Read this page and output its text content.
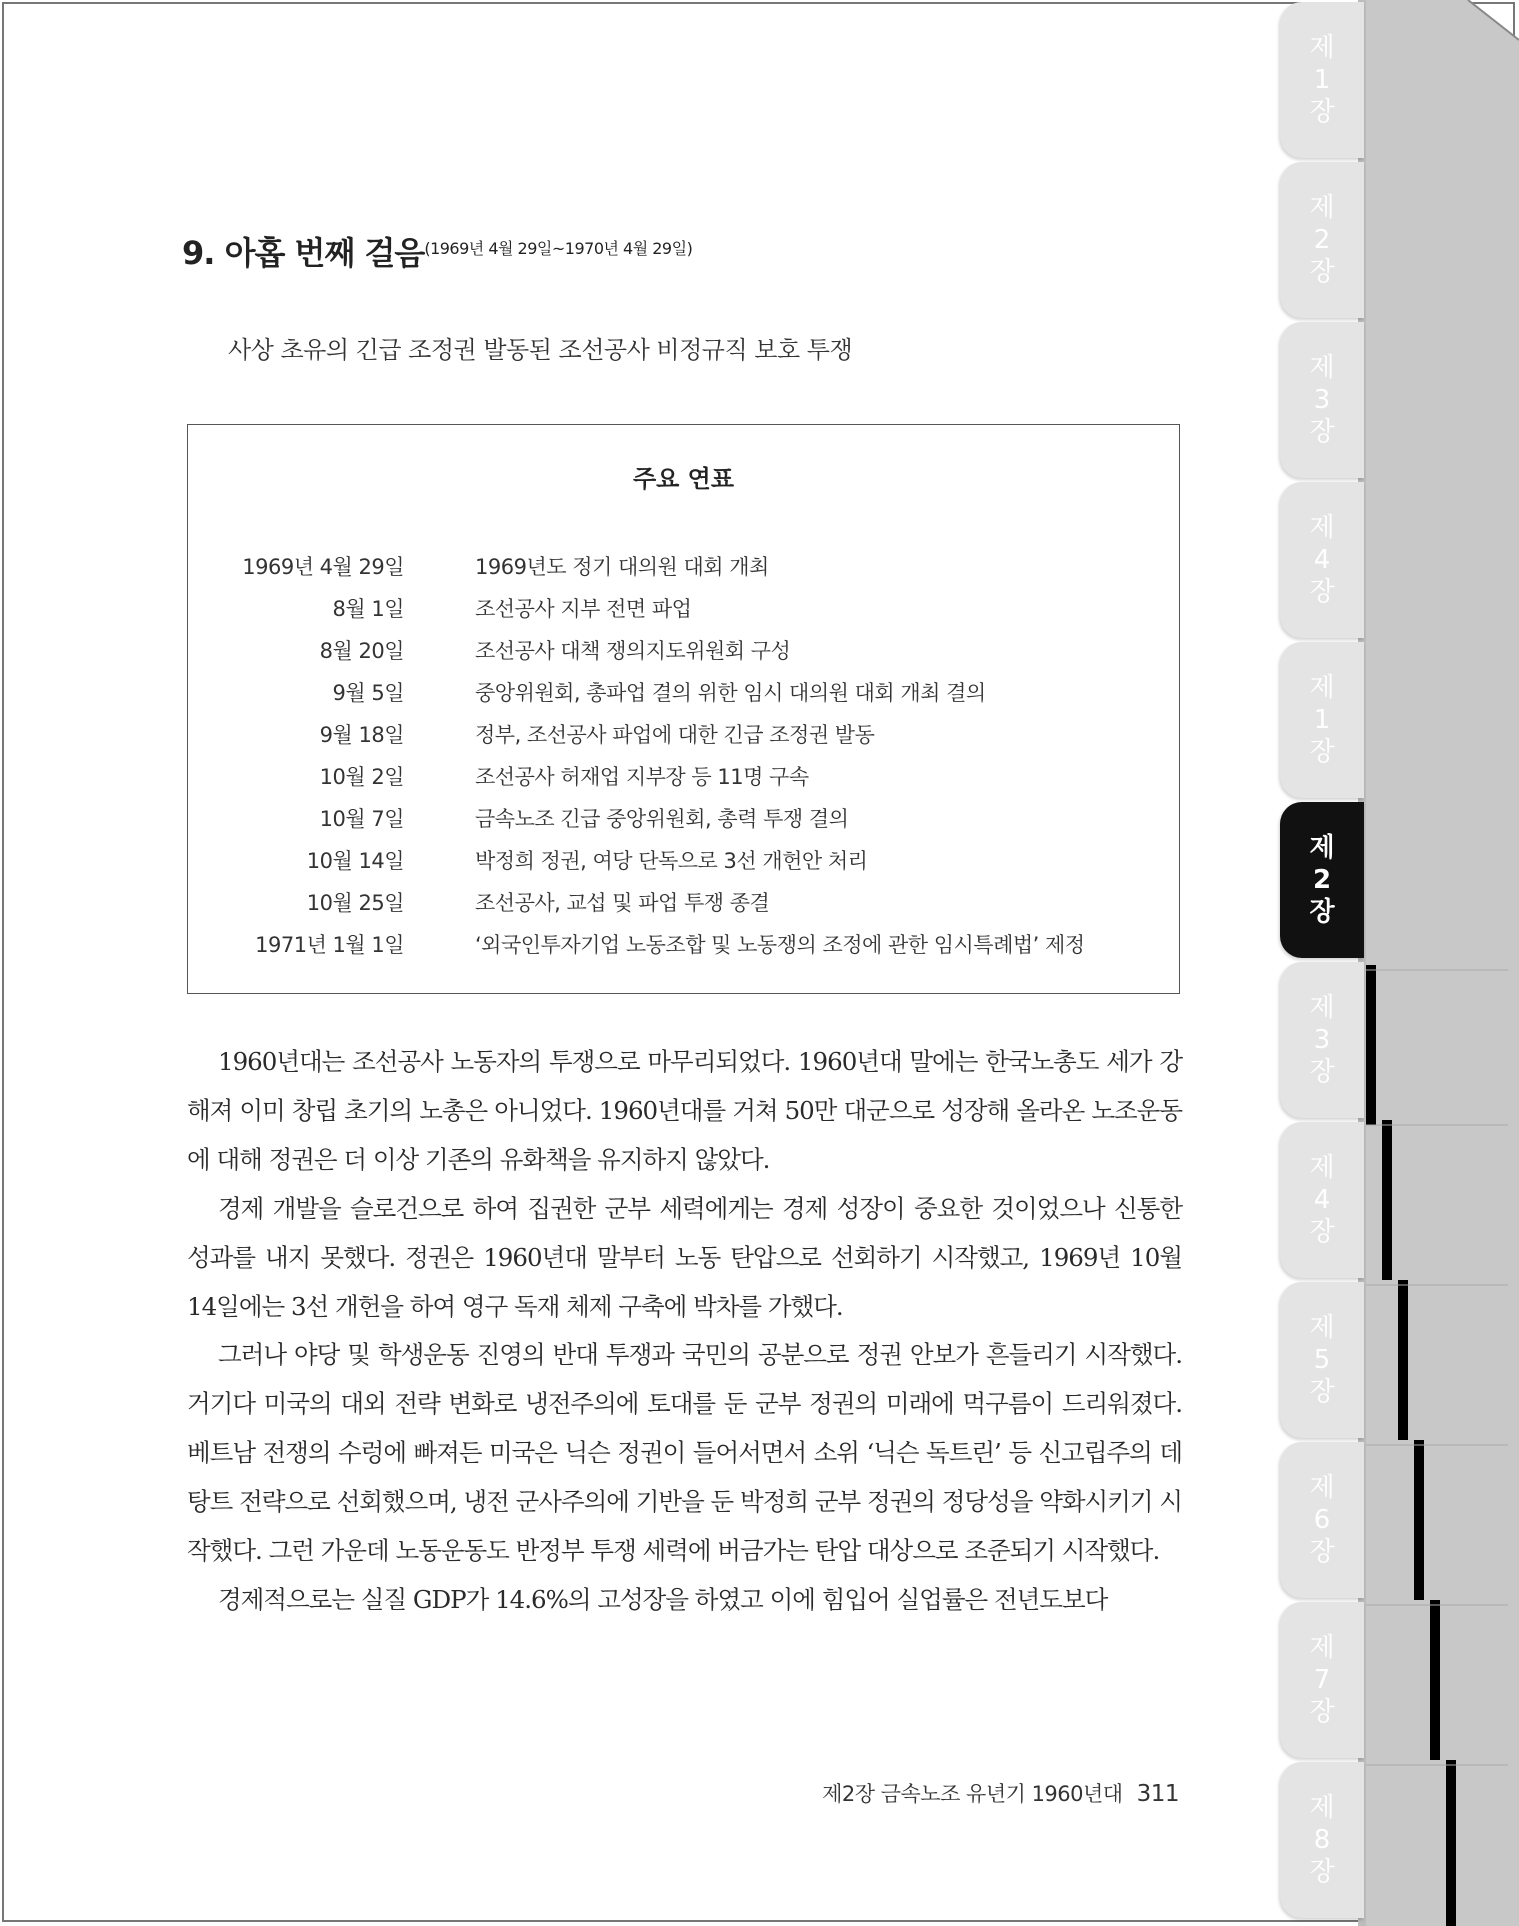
9. 아홉 번째 걸음$^{(1969년 4월 29일\sim 1970년 4월 29일)}$

사상 초유의 긴급 조정권 발동된 조선공사 비정규직 보호 투쟁

주요 연표
1969년 4월 29일	1969년도 정기 대의원 대회 개최
8월 1일	조선공사 지부 전면 파업
8월 20일	조선공사 대책 쟁의지도위원회 구성
9월 5일	중앙위원회, 총파업 결의 위한 임시 대의원 대회 개최 결의
9월 18일	정부, 조선공사 파업에 대한 긴급 조정권 발동
10월 2일	조선공사 허재업 지부장 등 11명 구속
10월 7일	금속노조 긴급 중앙위원회, 총력 투쟁 결의
10월 14일	박정희 정권, 여당 단독으로 3선 개헌안 처리
10월 25일	조선공사, 교섭 및 파업 투쟁 종결
1971년 1월 1일	‘외국인투자기업 노동조합 및 노동쟁의 조정에 관한 임시특례법’ 제정

1960년대는 조선공사 노동자의 투쟁으로 마무리되었다. 1960년대 말에는 한국노총도 세가 강해져 이미 창립 초기의 노총은 아니었다. 1960년대를 거쳐 50만 대군으로 성장해 올라온 노조운동에 대해 정권은 더 이상 기존의 유화책을 유지하지 않았다.

경제 개발을 슬로건으로 하여 집권한 군부 세력에게는 경제 성장이 중요한 것이었으나 신통한 성과를 내지 못했다. 정권은 1960년대 말부터 노동 탄압으로 선회하기 시작했고, 1969년 10월 14일에는 3선 개헌을 하여 영구 독재 체제 구축에 박차를 가했다.

그러나 야당 및 학생운동 진영의 반대 투쟁과 국민의 공분으로 정권 안보가 흔들리기 시작했다. 거기다 미국의 대외 전략 변화로 냉전주의에 토대를 둔 군부 정권의 미래에 먹구름이 드리워졌다. 베트남 전쟁의 수렁에 빠져든 미국은 닉슨 정권이 들어서면서 소위 ‘닉슨 독트린’ 등 신고립주의 데탕트 전략으로 선회했으며, 냉전 군사주의에 기반을 둔 박정희 군부 정권의 정당성을 약화시키기 시작했다. 그런 가운데 노동운동도 반정부 투쟁 세력에 버금가는 탄압 대상으로 조준되기 시작했다.

경제적으로는 실질 GDP가 14.6%의 고성장을 하였고 이에 힘입어 실업률은 전년도보다

제2장 금속노조 유년기 1960년대 311
제
1
장
제
2
장
제
3
장
제
4
장
제
1
장
제
2
장
제
3
장
제
4
장
제
5
장
제
6
장
제
7
장
제
8
장
